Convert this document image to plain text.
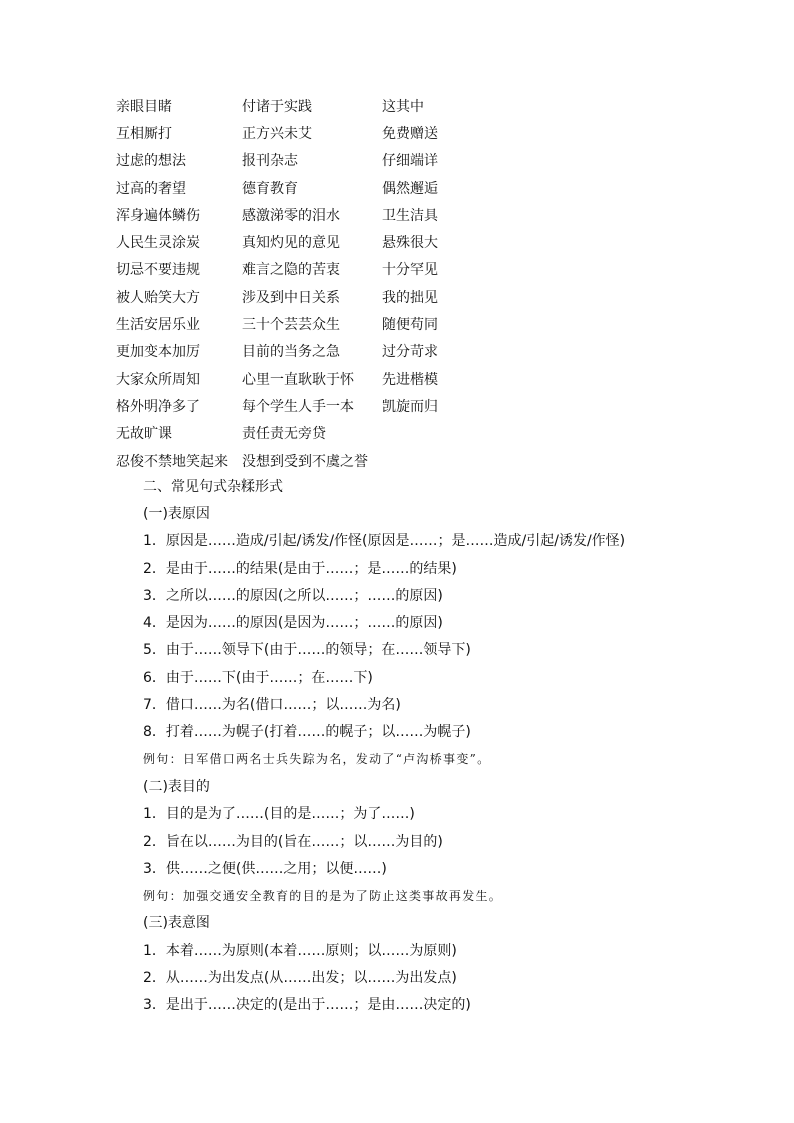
亲眼目睹	付诸于实践	这其中
互相厮打	正方兴未艾	免费赠送
过虑的想法	报刊杂志	仔细端详
过高的奢望	德育教育	偶然邂逅
浑身遍体鳞伤	感激涕零的泪水	卫生洁具
人民生灵涂炭	真知灼见的意见	悬殊很大
切忌不要违规	难言之隐的苦衷	十分罕见
被人贻笑大方	涉及到中日关系	我的拙见
生活安居乐业	三十个芸芸众生	随便苟同
更加变本加厉	目前的当务之急	过分苛求
大家众所周知	心里一直耿耿于怀	先进楷模
格外明净多了	每个学生人手一本	凯旋而归
无故旷课	责任责无旁贷
忍俊不禁地笑起来	没想到受到不虞之誉
二、常见句式杂糅形式
(一)表原因
1．原因是……造成/引起/诱发/作怪(原因是……；是……造成/引起/诱发/作怪)
2．是由于……的结果(是由于……；是……的结果)
3．之所以……的原因(之所以……；……的原因)
4．是因为……的原因(是因为……；……的原因)
5．由于……领导下(由于……的领导；在……领导下)
6．由于……下(由于……；在……下)
7．借口……为名(借口……；以……为名)
8．打着……为幌子(打着……的幌子；以……为幌子)
例句：日军借口两名士兵失踪为名，发动了“卢沟桥事变”。
(二)表目的
1．目的是为了……(目的是……；为了……)
2．旨在以……为目的(旨在……；以……为目的)
3．供……之便(供……之用；以便……)
例句：加强交通安全教育的目的是为了防止这类事故再发生。
(三)表意图
1．本着……为原则(本着……原则；以……为原则)
2．从……为出发点(从……出发；以……为出发点)
3．是出于……决定的(是出于……；是由……决定的)
